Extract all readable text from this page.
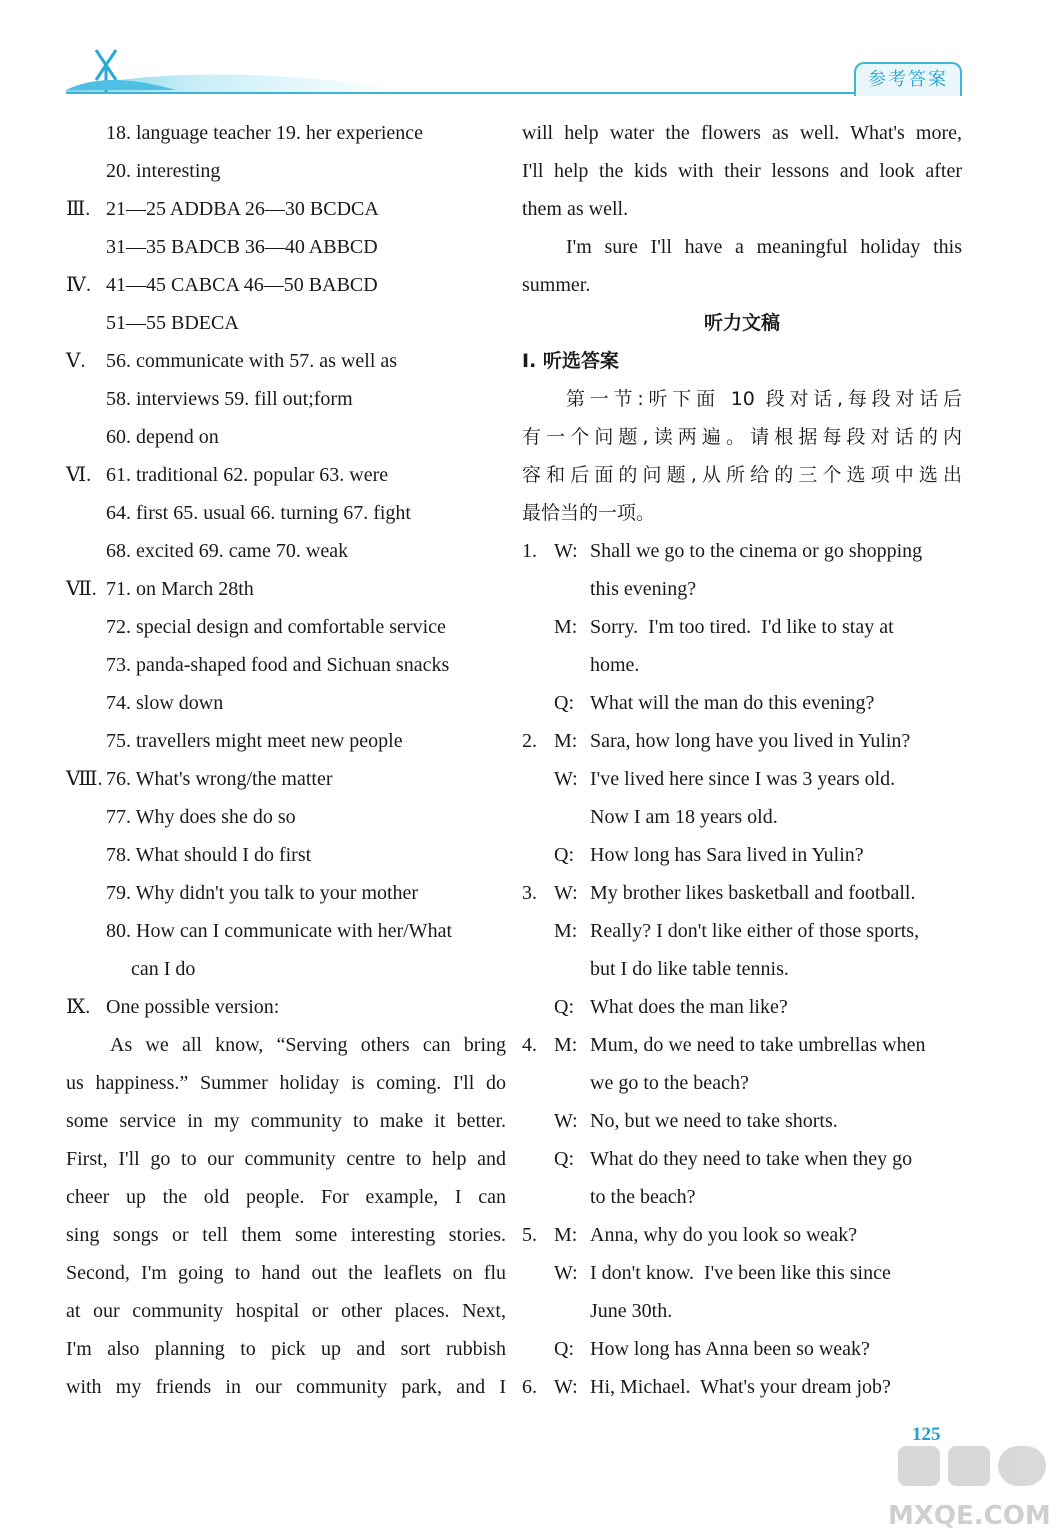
参考答案
18. language teacher 19. her experience
20. interesting
Ⅲ. 21—25 ADDBA 26—30 BCDCA
31—35 BADCB 36—40 ABBCD
Ⅳ. 41—45 CABCA 46—50 BABCD
51—55 BDECA
Ⅴ. 56. communicate with 57. as well as
58. interviews 59. fill out;form
60. depend on
Ⅵ. 61. traditional 62. popular 63. were
64. first 65. usual 66. turning 67. fight
68. excited 69. came 70. weak
Ⅶ. 71. on March 28th
72. special design and comfortable service
73. panda-shaped food and Sichuan snacks
74. slow down
75. travellers might meet new people
Ⅷ. 76. What's wrong/the matter
77. Why does she do so
78. What should I do first
79. Why didn't you talk to your mother
80. How can I communicate with her/What
can I do
Ⅸ. One possible version:
As we all know, “Serving others can bring
us happiness.” Summer holiday is coming. I'll do
some service in my community to make it better.
First, I'll go to our community centre to help and
cheer up the old people. For example, I can
sing songs or tell them some interesting stories.
Second, I'm going to hand out the leaflets on flu
at our community hospital or other places. Next,
I'm also planning to pick up and sort rubbish
with my friends in our community park, and I
will help water the flowers as well. What's more,
I'll help the kids with their lessons and look after
them as well.
I'm sure I'll have a meaningful holiday this
summer.
听力文稿
Ⅰ. 听选答案
第一节:听下面 10 段对话,每段对话后
有一个问题,读两遍。请根据每段对话的内
容和后面的问题,从所给的三个选项中选出
最恰当的一项。
1. W: Shall we go to the cinema or go shopping
this evening?
M: Sorry.  I'm too tired.  I'd like to stay at
home.
Q: What will the man do this evening?
2. M: Sara, how long have you lived in Yulin?
W: I've lived here since I was 3 years old.
Now I am 18 years old.
Q: How long has Sara lived in Yulin?
3. W: My brother likes basketball and football.
M: Really? I don't like either of those sports,
but I do like table tennis.
Q: What does the man like?
4. M: Mum, do we need to take umbrellas when
we go to the beach?
W: No, but we need to take shorts.
Q: What do they need to take when they go
to the beach?
5. M: Anna, why do you look so weak?
W: I don't know.  I've been like this since
June 30th.
Q: How long has Anna been so weak?
6. W: Hi, Michael.  What's your dream job?
125
MXQE.COM
